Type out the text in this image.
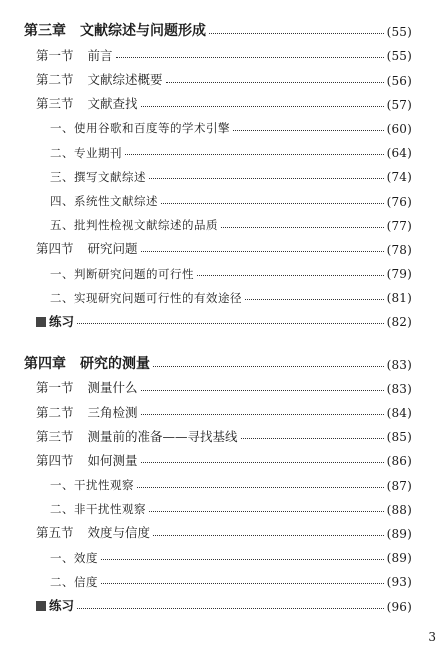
第三章 文献综述与问题形成	(55)
第一节 前言	(55)
第二节 文献综述概要	(56)
第三节 文献查找	(57)
一、使用谷歌和百度等的学术引擎	(60)
二、专业期刊	(64)
三、撰写文献综述	(74)
四、系统性文献综述	(76)
五、批判性检视文献综述的品质	(77)
第四节 研究问题	(78)
一、判断研究问题的可行性	(79)
二、实现研究问题可行性的有效途径	(81)
练习	(82)
第四章 研究的测量	(83)
第一节 测量什么	(83)
第二节 三角检测	(84)
第三节 测量前的准备——寻找基线	(85)
第四节 如何测量	(86)
一、干扰性观察	(87)
二、非干扰性观察	(88)
第五节 效度与信度	(89)
一、效度	(89)
二、信度	(93)
练习	(96)
3
